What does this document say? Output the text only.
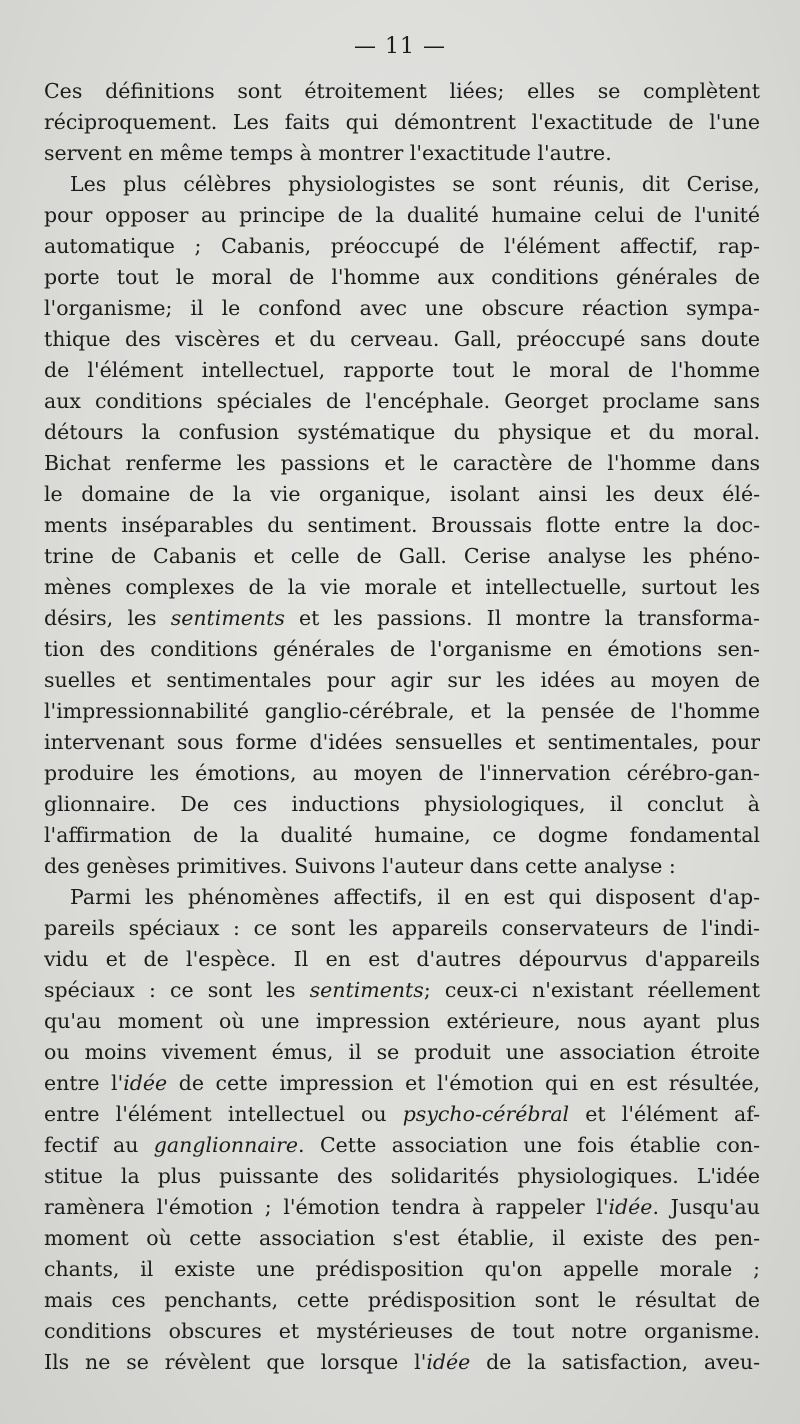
— 11 —
Ces définitions sont étroitement liées; elles se complètent
réciproquement. Les faits qui démontrent l'exactitude de l'une
servent en même temps à montrer l'exactitude l'autre.
Les plus célèbres physiologistes se sont réunis, dit Cerise,
pour opposer au principe de la dualité humaine celui de l'unité
automatique ; Cabanis, préoccupé de l'élément affectif, rap-
porte tout le moral de l'homme aux conditions générales de
l'organisme; il le confond avec une obscure réaction sympa-
thique des viscères et du cerveau. Gall, préoccupé sans doute
de l'élément intellectuel, rapporte tout le moral de l'homme
aux conditions spéciales de l'encéphale. Georget proclame sans
détours la confusion systématique du physique et du moral.
Bichat renferme les passions et le caractère de l'homme dans
le domaine de la vie organique, isolant ainsi les deux élé-
ments inséparables du sentiment. Broussais flotte entre la doc-
trine de Cabanis et celle de Gall. Cerise analyse les phéno-
mènes complexes de la vie morale et intellectuelle, surtout les
désirs, les sentiments et les passions. Il montre la transforma-
tion des conditions générales de l'organisme en émotions sen-
suelles et sentimentales pour agir sur les idées au moyen de
l'impressionnabilité ganglio-cérébrale, et la pensée de l'homme
intervenant sous forme d'idées sensuelles et sentimentales, pour
produire les émotions, au moyen de l'innervation cérébro-gan-
glionnaire. De ces inductions physiologiques, il conclut à
l'affirmation de la dualité humaine, ce dogme fondamental
des genèses primitives. Suivons l'auteur dans cette analyse :
Parmi les phénomènes affectifs, il en est qui disposent d'ap-
pareils spéciaux : ce sont les appareils conservateurs de l'indi-
vidu et de l'espèce. Il en est d'autres dépourvus d'appareils
spéciaux : ce sont les sentiments; ceux-ci n'existant réellement
qu'au moment où une impression extérieure, nous ayant plus
ou moins vivement émus, il se produit une association étroite
entre l'idée de cette impression et l'émotion qui en est résultée,
entre l'élément intellectuel ou psycho-cérébral et l'élément af-
fectif au ganglionnaire. Cette association une fois établie con-
stitue la plus puissante des solidarités physiologiques. L'idée
ramènera l'émotion ; l'émotion tendra à rappeler l'idée. Jusqu'au
moment où cette association s'est établie, il existe des pen-
chants, il existe une prédisposition qu'on appelle morale ;
mais ces penchants, cette prédisposition sont le résultat de
conditions obscures et mystérieuses de tout notre organisme.
Ils ne se révèlent que lorsque l'idée de la satisfaction, aveu-
